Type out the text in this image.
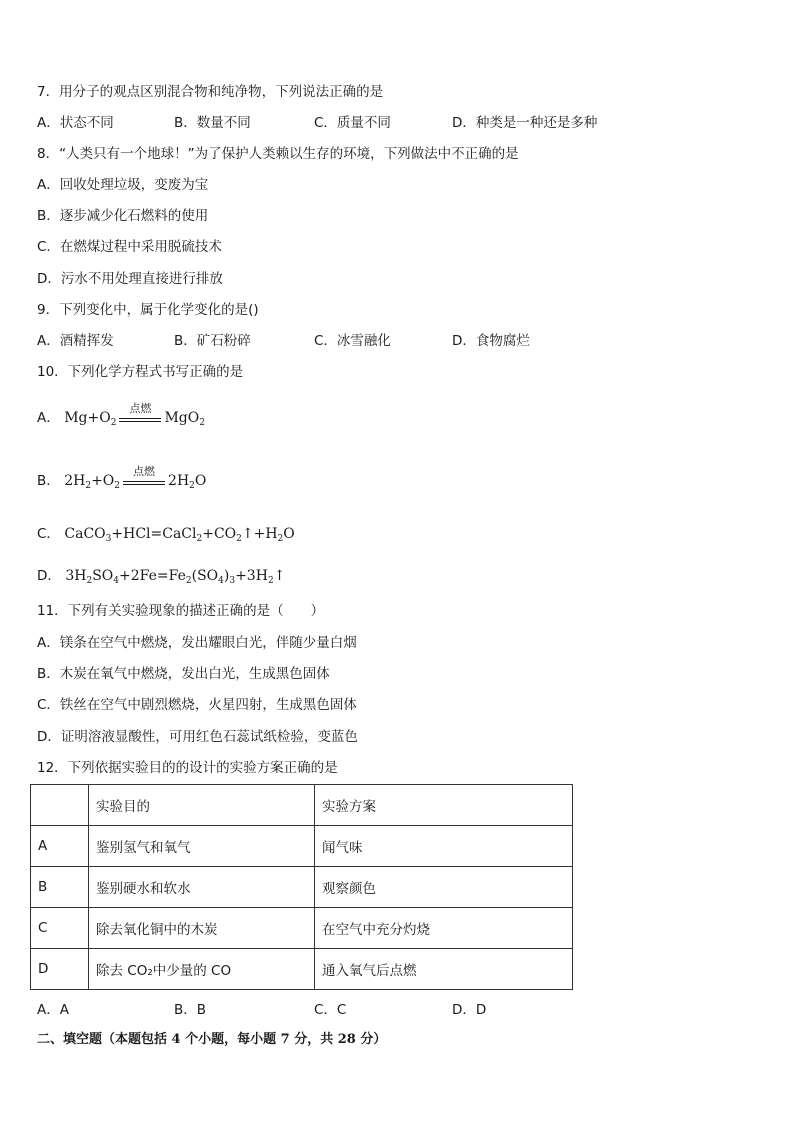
7．用分子的观点区别混合物和纯净物，下列说法正确的是
A．状态不同	B．数量不同	C．质量不同	D．种类是一种还是多种
8．“人类只有一个地球！”为了保护人类赖以生存的环境，下列做法中不正确的是
A．回收处理垃圾，变废为宝
B．逐步减少化石燃料的使用
C．在燃煤过程中采用脱硫技术
D．污水不用处理直接进行排放
9．下列变化中，属于化学变化的是()
A．酒精挥发	B．矿石粉碎	C．冰雪融化	D．食物腐烂
10．下列化学方程式书写正确的是
A． $Mg+O_2$
点燃
MgO$_2$
B． $2H_2+O_2$
点燃
$2H_2O$
C． $CaCO_3+HCl=CaCl_2+CO_2↑+H_2O$
D． $3H_2SO_4+2Fe=Fe_2(SO_4)_3+3H_2↑$
11．下列有关实验现象的描述正确的是（　　）
A．镁条在空气中燃烧，发出耀眼白光，伴随少量白烟
B．木炭在氧气中燃烧，发出白光，生成黑色固体
C．铁丝在空气中剧烈燃烧，火星四射，生成黑色固体
D．证明溶液显酸性，可用红色石蕊试纸检验，变蓝色
12．下列依据实验目的的设计的实验方案正确的是
	实验目的	实验方案
A	鉴别氢气和氧气	闻气味
B	鉴别硬水和软水	观察颜色
C	除去氧化铜中的木炭	在空气中充分灼烧
D	除去 CO₂中少量的 CO	通入氧气后点燃
A．A	B．B	C．C	D．D
二、填空题（本题包括 4 个小题，每小题 7 分，共 28 分）
